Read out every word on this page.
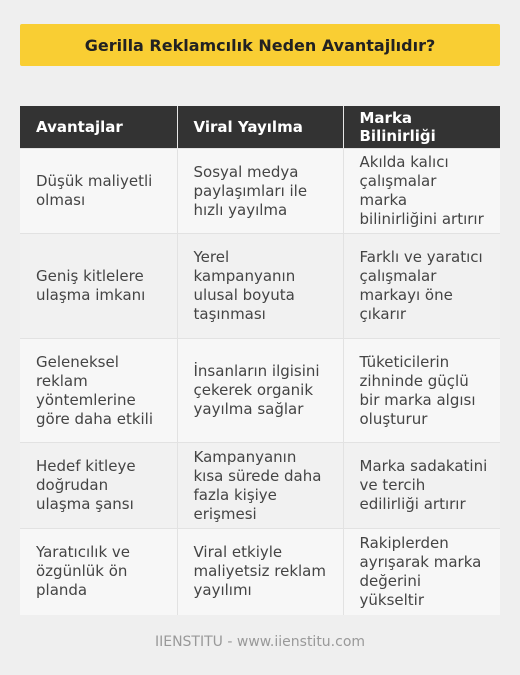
Gerilla Reklamcılık Neden Avantajlıdır?
Avantajlar	Viral Yayılma	Marka Bilinirliği
Düşük maliyetli olması	Sosyal medya paylaşımları ile hızlı yayılma	Akılda kalıcı çalışmalar marka bilinirliğini artırır
Geniş kitlelere ulaşma imkanı	Yerel kampanyanın ulusal boyuta taşınması	Farklı ve yaratıcı çalışmalar markayı öne çıkarır
Geleneksel reklam yöntemlerine göre daha etkili	İnsanların ilgisini çekerek organik yayılma sağlar	Tüketicilerin zihninde güçlü bir marka algısı oluşturur
Hedef kitleye doğrudan ulaşma şansı	Kampanyanın kısa sürede daha fazla kişiye erişmesi	Marka sadakatini ve tercih edilirliği artırır
Yaratıcılık ve özgünlük ön planda	Viral etkiyle maliyetsiz reklam yayılımı	Rakiplerden ayrışarak marka değerini yükseltir
IIENSTITU - www.iienstitu.com
